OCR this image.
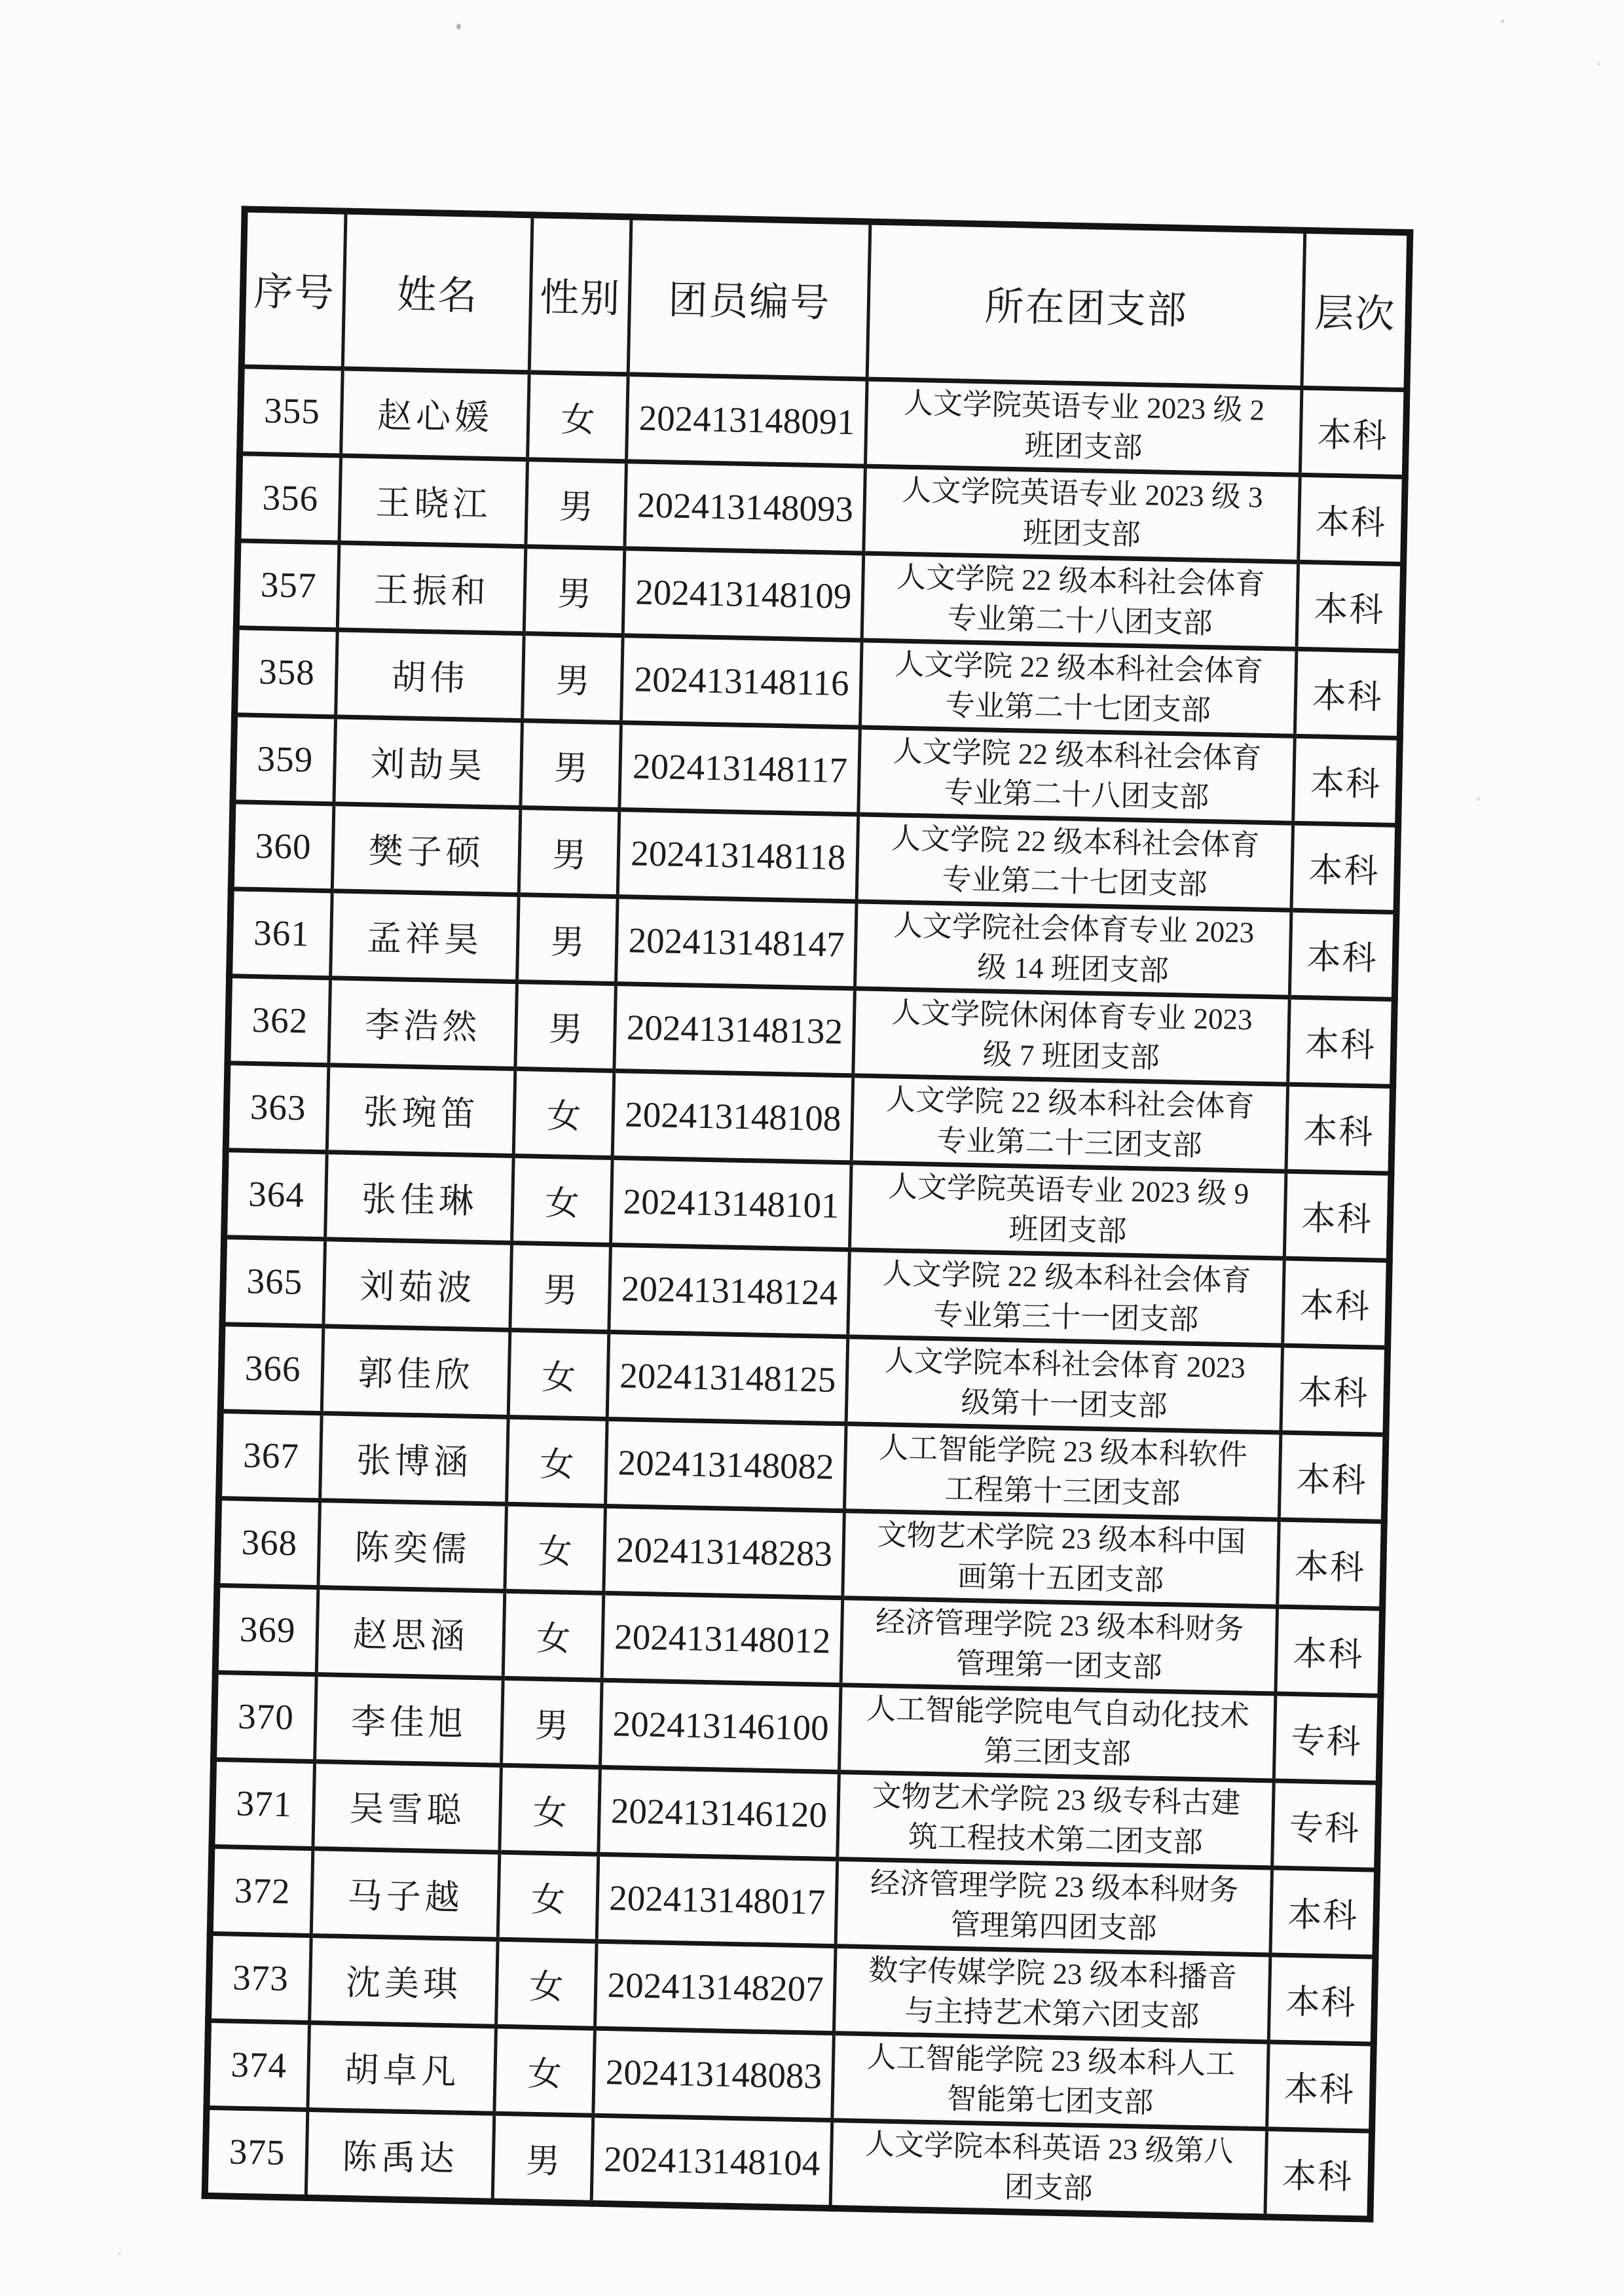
序号	姓名	性别	团员编号	所在团支部	层次
355	赵心媛	女	202413148091	人文学院英语专业 2023 级 2 班团支部	本科
356	王晓江	男	202413148093	人文学院英语专业 2023 级 3 班团支部	本科
357	王振和	男	202413148109	人文学院 22 级本科社会体育专业第二十八团支部	本科
358	胡伟	男	202413148116	人文学院 22 级本科社会体育专业第二十七团支部	本科
359	刘劼昊	男	202413148117	人文学院 22 级本科社会体育专业第二十八团支部	本科
360	樊子硕	男	202413148118	人文学院 22 级本科社会体育专业第二十七团支部	本科
361	孟祥昊	男	202413148147	人文学院社会体育专业 2023 级 14 班团支部	本科
362	李浩然	男	202413148132	人文学院休闲体育专业 2023 级 7 班团支部	本科
363	张琬笛	女	202413148108	人文学院 22 级本科社会体育专业第二十三团支部	本科
364	张佳琳	女	202413148101	人文学院英语专业 2023 级 9 班团支部	本科
365	刘茹波	男	202413148124	人文学院 22 级本科社会体育专业第三十一团支部	本科
366	郭佳欣	女	202413148125	人文学院本科社会体育 2023 级第十一团支部	本科
367	张博涵	女	202413148082	人工智能学院 23 级本科软件工程第十三团支部	本科
368	陈奕儒	女	202413148283	文物艺术学院 23 级本科中国画第十五团支部	本科
369	赵思涵	女	202413148012	经济管理学院 23 级本科财务管理第一团支部	本科
370	李佳旭	男	202413146100	人工智能学院电气自动化技术第三团支部	专科
371	吴雪聪	女	202413146120	文物艺术学院 23 级专科古建筑工程技术第二团支部	专科
372	马子越	女	202413148017	经济管理学院 23 级本科财务管理第四团支部	本科
373	沈美琪	女	202413148207	数字传媒学院 23 级本科播音与主持艺术第六团支部	本科
374	胡卓凡	女	202413148083	人工智能学院 23 级本科人工智能第七团支部	本科
375	陈禹达	男	202413148104	人文学院本科英语 23 级第八团支部	本科
